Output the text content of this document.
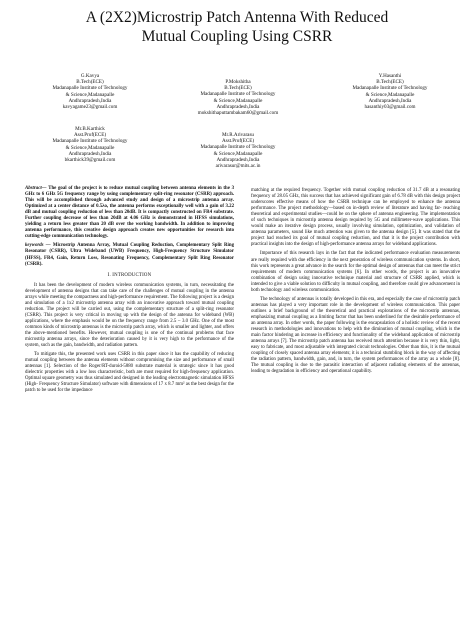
A (2X2)Microstrip Patch Antenna With Reduced
Mutual Coupling Using CSRR
G.Kavya
B.Tech(ECE)
Madanapalle Institute of Technology
& Science,Madanapalle
Andhrapradesh,India
kavyagame23@gmail.com
P.Mokshitha
B.Tech(ECE)
Madanapalle Institute of Technology
& Science,Madanapalle
Andhrapradesh,India
mokshithaputtambakam60@gmail.com
Y.Hasanthi
B.Tech(ECE)
Madanapalle Institute of Technology
& Science,Madanapalle
Andhrapradesh,India
hasanthiy03@gmail.com
Mr.B.Karthick
Asst.Prof(ECE)
Madanapalle Institute of Technology
& Science,Madanapalle
Andhrapradesh,India
bkarthick39@gmail.com
Mr.R.Arivarasu
Asst.Prof(ECE)
Madanapalle Institute of Technology
& Science,Madanapalle
Andhrapradesh,India
arivarasur@mits.ac.in

Abstract— The goal of the project is to reduce mutual coupling between antenna elements in the 3 GHz to 6 GHz 5G frequency range by using complementary split-ring resonator (CSRR) approach. This will be accomplished through advanced study and design of a microstrip antenna array. Optimized at a center distance of 0.5λo, the antenna performs exceptionally well with a gain of 3.22 dB and mutual coupling reduction of less than 20dB. It is compactly constructed on FR4 substrate. Further coupling decrease of less than 20dB at 4.06 GHz is demonstrated in HFSS simulations, yielding a return less greater than 20 dB over the working bandwidth. In addition to improving antenna performance, this creative design approach creates new opportunities for research into cutting-edge communication technology.

keywords — Microstrip Antenna Array, Mutual Coupling Reduction, Complementary Split Ring Resonator (CSRR), Ultra Wideband (UWB) Frequency, High-Frequency Structure Simulator (HFSS), FR4, Gain, Return Loss, Resonating Frequency, Complementary Split Ring Resonator (CSRR).

I. INTRODUCTION

It has been the development of modern wireless communication systems, in turn, necessitating the development of antenna designs that can take care of the challenges of mutual coupling in the antenna arrays while meeting the compactness and high-performance requirement. The following project is a design and simulation of a 1x2 microstrip antenna array with an innovative approach toward mutual coupling reduction. The project will be carried out, using the complementary structure of a split-ring resonator (CSRR). This project is very critical in moving up with the design of the antenna for wideband (WB) applications, where the emphasis would be on the frequency range from 2.5 – 3.0 GHz. One of the most common kinds of microstrip antennas is the microstrip patch array, which is smaller and lighter, and offers the above-mentioned benefits. However, mutual coupling is one of the continual problems that face microstrip antenna arrays, since the deterioration caused by it is very high to the performance of the system, such as the gain, bandwidth, and radiation pattern.

To mitigate this, the presented work uses CSRR in this paper since it has the capability of reducing mutual coupling between the antenna elements without compromising the size and performance of small antennas [1]. Selection of the Roger/RT-duroid-5880 substrate material is strategic since it has good dielectric properties with a low loss characteristic, both are most required for high-frequency application. Optimal square geometry was thus simulated and designed in the leading electromagnetic simulation HFSS (High- Frequency Structure Simulator) software with dimensions of 17 x 8.7 mm² as the best design for the patch to be used for the impedance

matching at the required frequency. Together with mutual coupling reduction of 31.7 dB at a resonating frequency of 28.05 GHz, this success that has achieved significant gain of 6.78 dB with this design project underscores effective means of how the CSRR technique can be employed to enhance the antenna performance. The project methodology—based on in-depth review of literature and having far- reaching theoretical and experimental studies—could be on the sphere of antenna engineering. The implementation of such techniques in microstrip antenna design required by 5G and millimeter-wave applications. This would make an iterative design process, usually involving simulation, optimization, and validation of antenna parameters, sound like much attention was given to the antenna design [5]. It was stated that the project had reached its goal of mutual coupling reduction, and that it is the project contribution with practical insights into the design of high-performance antenna arrays for wideband applications.

Importance of this research lays in the fact that the indicated performance evaluation measurements are really required with due efficiency in the next generation of wireless communication systems. In short, this work represents a great advance in the search for the optimal design of antennas that can meet the strict requirements of modern communication systems [6]. In other words, the project is an innovative combination of design using innovative technique material and structure of CSRR applied, which is intended to give a viable solution to difficulty in mutual coupling, and therefore could give advancement in both technology and wireless communication.

The technology of antennas is totally developed in this era, and especially the case of microstrip patch antennas has played a very important role in the development of wireless communication. This paper outlines a brief background of the theoretical and practical explorations of the microstrip antennas, emphasizing mutual coupling as a limiting factor that has been underlined for the desirable performance of an antenna array. In other words, the paper following is the encapsulation of a holistic review of the recent research in methodologies and innovations to help with the diminution of mutual coupling, which is the main factor hindering an increase in efficiency and functionality of the wideband application of microstrip antenna arrays [7]. The microstrip patch antenna has received much attention because it is very thin, light, easy to fabricate, and most adjustable with integrated circuit technologies. Other than this, it is the mutual coupling of closely spaced antenna array elements; it is a technical stumbling block in the way of affecting the radiation pattern, bandwidth, gain, and, in turn, the system performances of the array as a whole [8]. The mutual coupling is due to the parasitic interaction of adjacent radiating elements of the antennas, leading to degradation in efficiency and operational capability.
